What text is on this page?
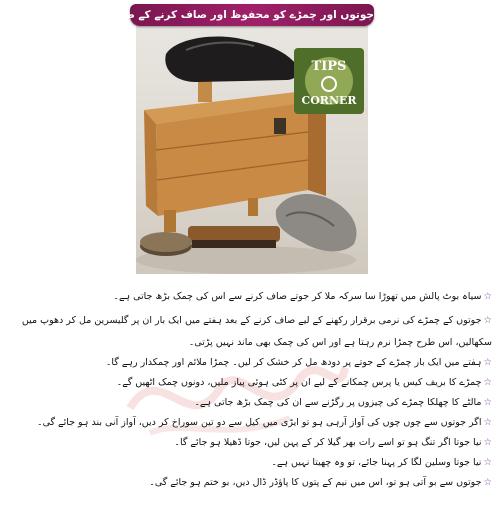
TIPS
CORNER
جوتوں اور چمڑے کو محفوظ اور صاف کرنے کے طریقے
☆سیاہ بوٹ پالش میں تھوڑا سا سرکہ ملا کر جوتے صاف کرنے سے اس کی چمک بڑھ جاتی ہے۔
☆جوتوں کے چمڑے کی نرمی برقرار رکھنے کے لیے صاف کرنے کے بعد ہفتے میں ایک بار ان پر گلیسرین مل کر دھوپ میں سکھالیں، اس طرح چمڑا نرم رہتا ہے اور اس کی چمک بھی ماند نہیں پڑتی۔
☆ہفتے میں ایک بار چمڑے کے جوتے پر دودھ مل کر خشک کر لیں۔ چمڑا ملائم اور چمکدار رہے گا۔
☆چمڑے کا بریف کیس یا پرس چمکانے کے لیے ان پر کٹی ہوئی پیاز ملیں، دونوں چمک اٹھیں گے۔
☆مالٹے کا چھلکا چمڑے کی چیزوں پر رگڑنے سے ان کی چمک بڑھ جاتی ہے۔
☆اگر جوتوں سے چوں چوں کی آواز آرہی ہو تو ایڑی میں کیل سے دو تین سوراخ کر دیں، آواز آنی بند ہو جائے گی۔
☆نیا جوتا اگر تنگ ہو تو اسے رات بھر گیلا کر کے پہن لیں، جوتا ڈھیلا ہو جائے گا۔
☆نیا جوتا وسلین لگا کر پہنا جائے، تو وہ چھیتا نہیں ہے۔
☆جوتوں سے بو آتی ہو تو، اس میں نیم کے پتوں کا پاؤڈر ڈال دیں، بو ختم ہو جائے گی۔
